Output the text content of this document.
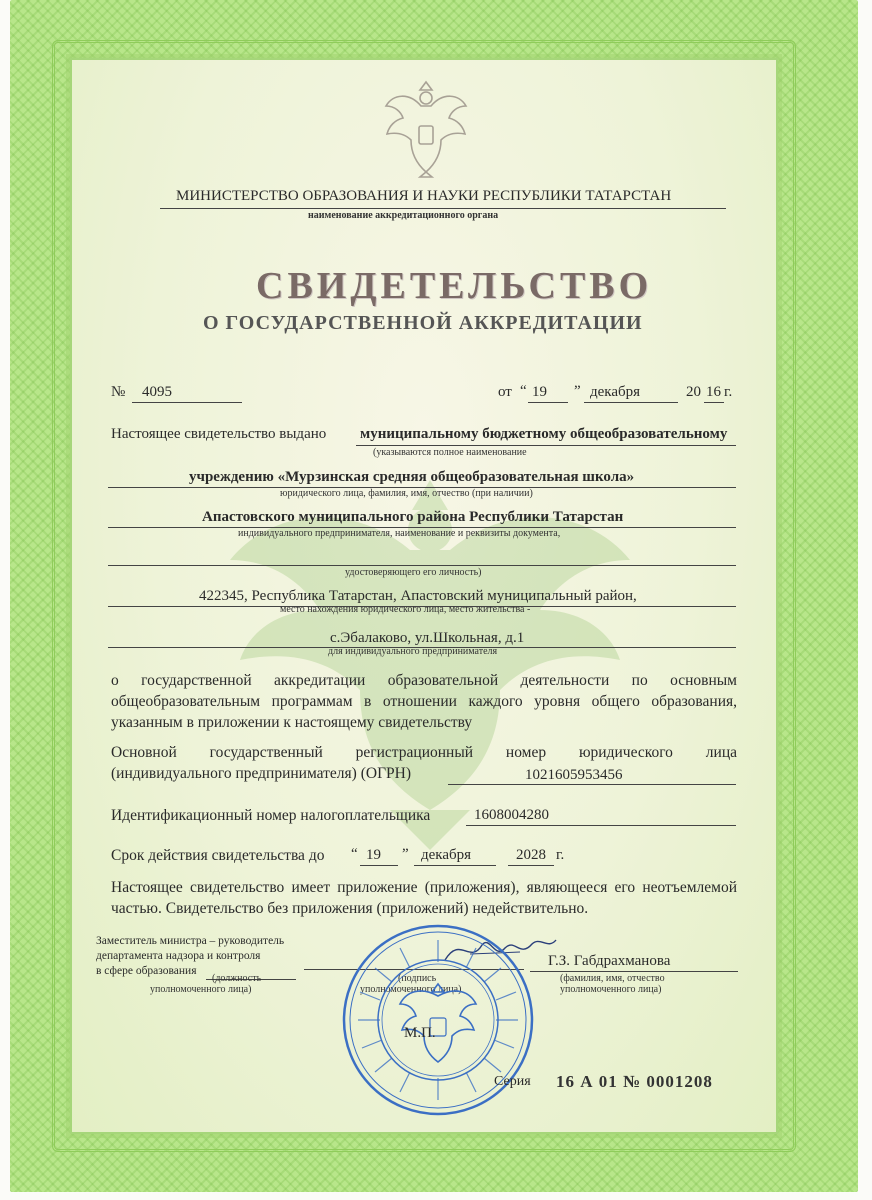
МИНИСТЕРСТВО ОБРАЗОВАНИЯ И НАУКИ РЕСПУБЛИКИ ТАТАРСТАН
наименование аккредитационного органа
СВИДЕТЕЛЬСТВО
О ГОСУДАРСТВЕННОЙ АККРЕДИТАЦИИ
№ 4095	от “ 19 ” декабря	20 16 г.
Настоящее свидетельство выдано муниципальному бюджетному общеобразовательному
(указываются полное наименование
учреждению «Мурзинская средняя общеобразовательная школа»
юридического лица, фамилия, имя, отчество (при наличии)
Апастовского муниципального района Республики Татарстан
индивидуального предпринимателя, наименование и реквизиты документа,
удостоверяющего его личность)
422345, Республика Татарстан, Апастовский муниципальный район,
место нахождения юридического лица, место жительства -
с.Эбалаково, ул.Школьная, д.1
для индивидуального предпринимателя
о государственной аккредитации образовательной деятельности по основным общеобразовательным программам в отношении каждого уровня общего образования, указанным в приложении к настоящему свидетельству
Основной государственный регистрационный номер юридического лица
(индивидуального предпринимателя) (ОГРН)	1021605953456
Идентификационный номер налогоплательщика	1608004280
Срок действия свидетельства до “ 19 ” декабря	2028 г.
Настоящее свидетельство имеет приложение (приложения), являющееся его неотъемлемой частью. Свидетельство без приложения (приложений) недействительно.
Заместитель министра – руководитель
департамента надзора и контроля
в сфере образования
(должность
уполномоченного лица)
(подпись
уполномоченного лица)
Г.З. Габдрахманова
(фамилия, имя, отчество
уполномоченного лица)
М.П.
Серия 16 А 01 № 0001208
